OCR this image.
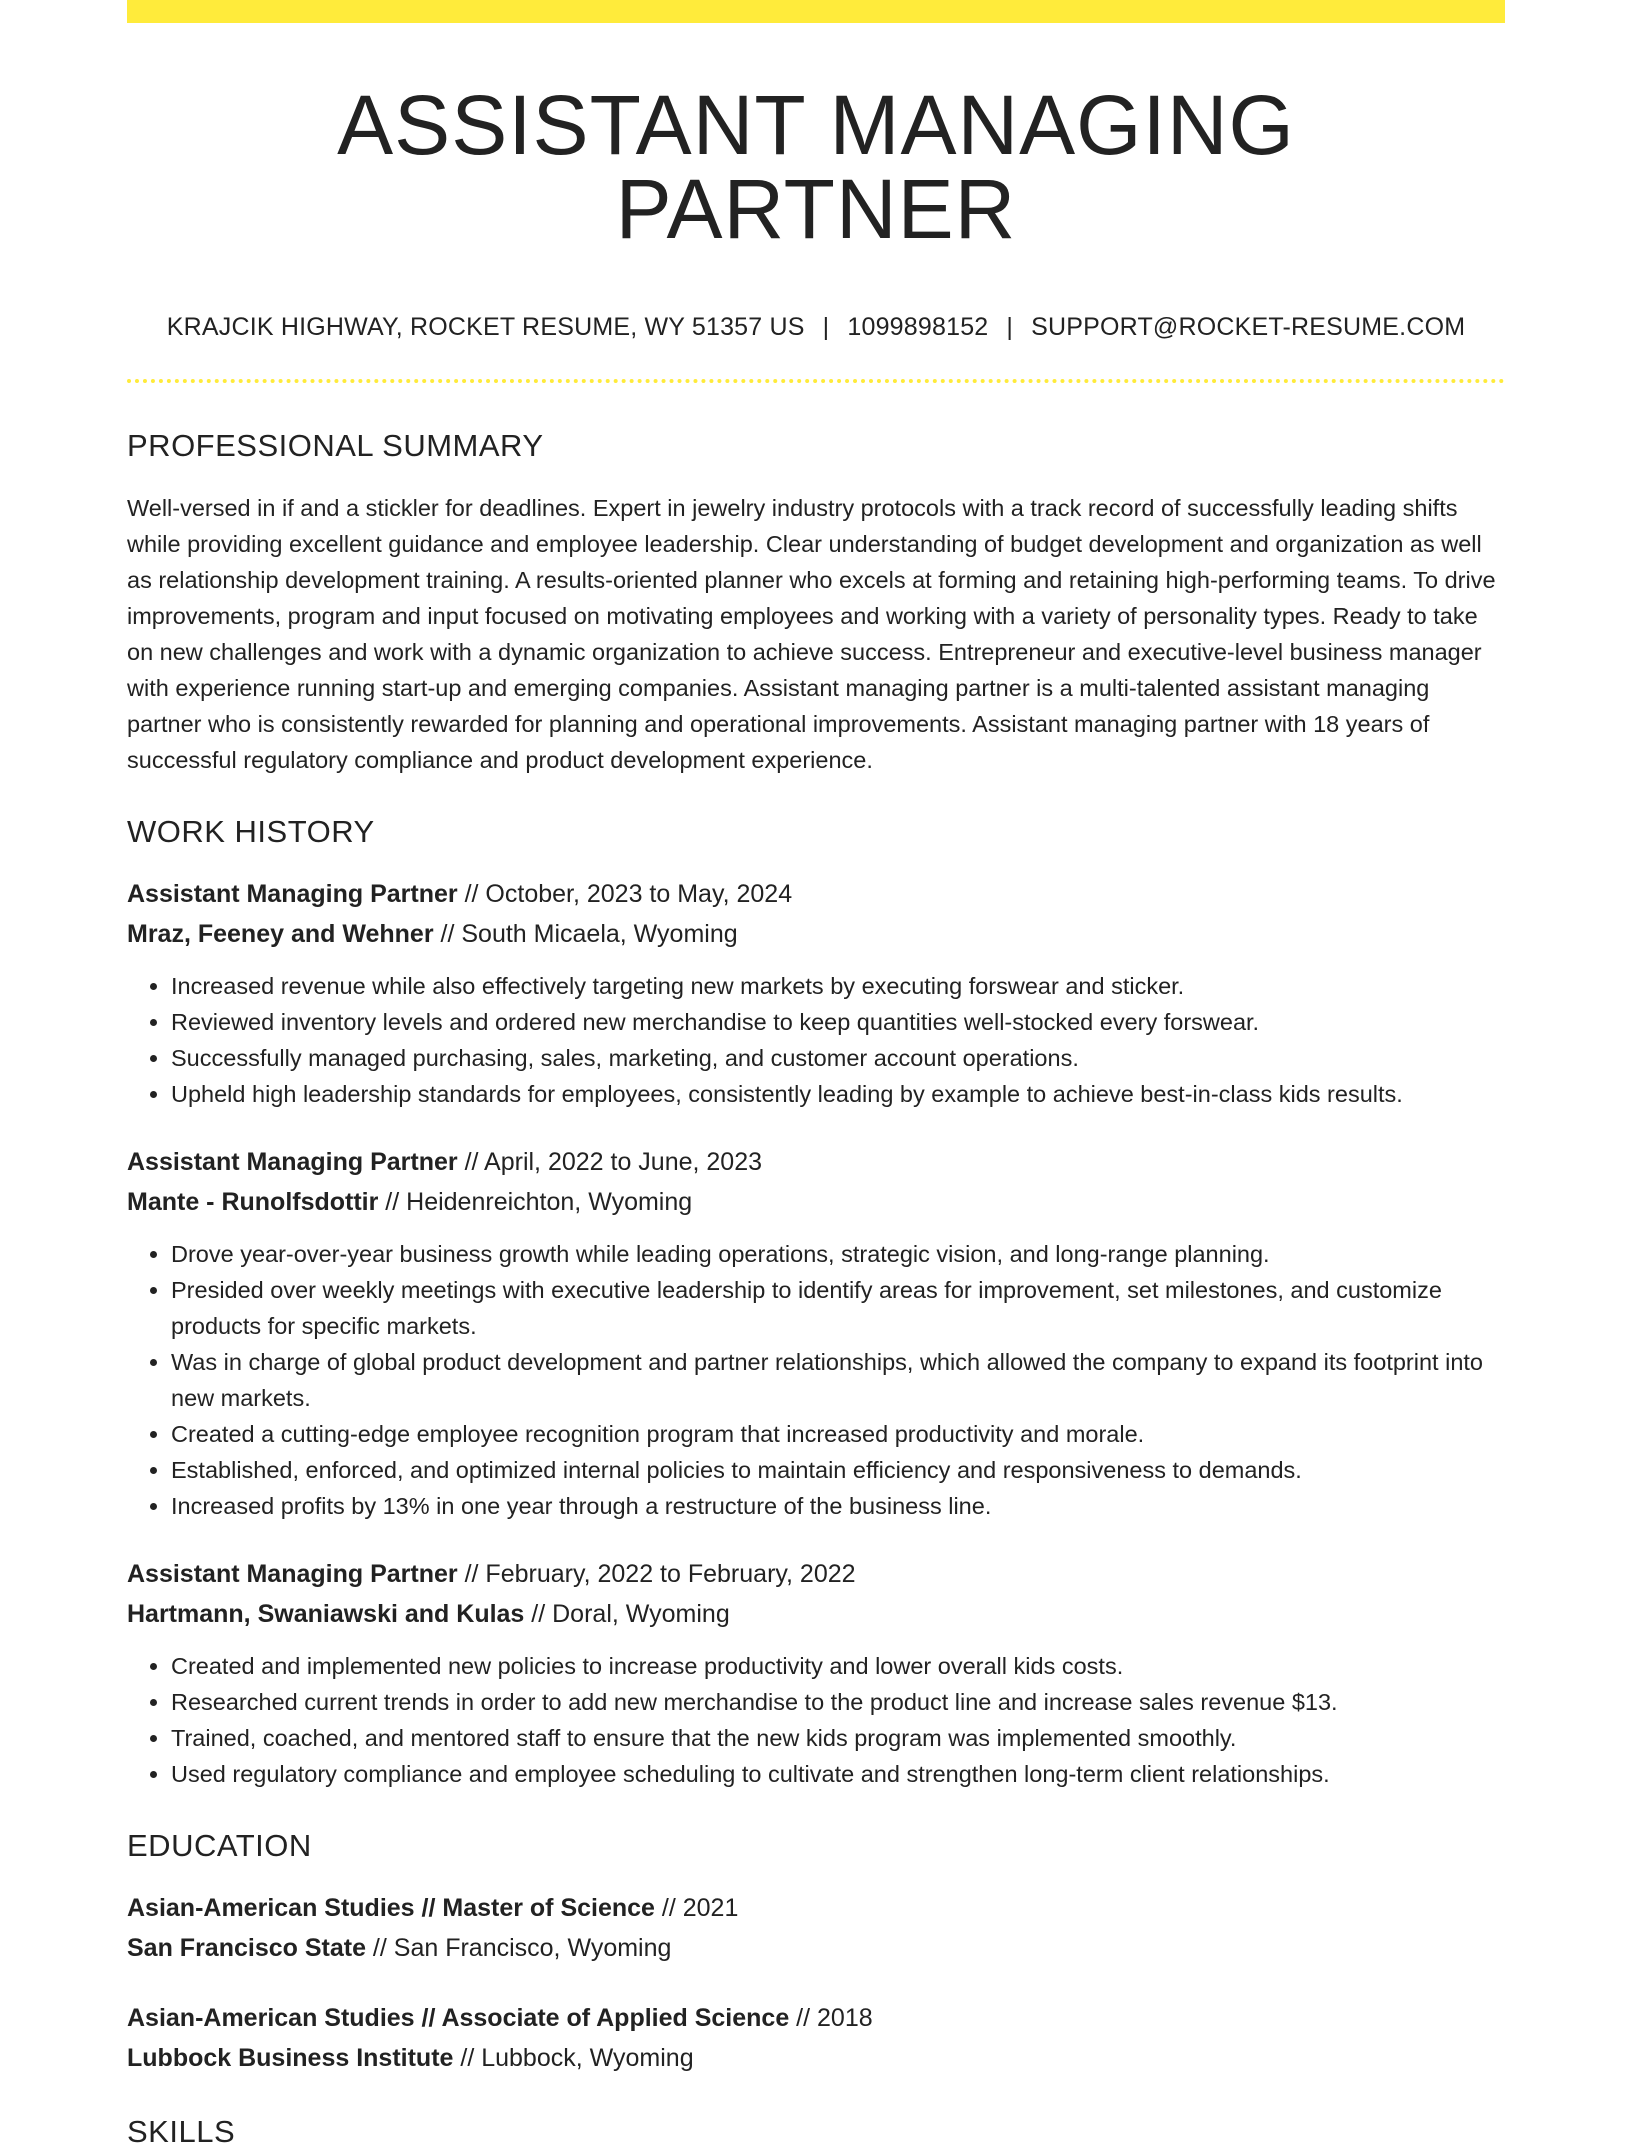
ASSISTANT MANAGING PARTNER
KRAJCIK HIGHWAY, ROCKET RESUME, WY 51357 US | 1099898152 | SUPPORT@ROCKET-RESUME.COM
PROFESSIONAL SUMMARY

Well-versed in if and a stickler for deadlines. Expert in jewelry industry protocols with a track record of successfully leading shifts while providing excellent guidance and employee leadership. Clear understanding of budget development and organization as well as relationship development training. A results-oriented planner who excels at forming and retaining high-performing teams. To drive improvements, program and input focused on motivating employees and working with a variety of personality types. Ready to take on new challenges and work with a dynamic organization to achieve success. Entrepreneur and executive-level business manager with experience running start-up and emerging companies. Assistant managing partner is a multi-talented assistant managing partner who is consistently rewarded for planning and operational improvements. Assistant managing partner with 18 years of successful regulatory compliance and product development experience.

WORK HISTORY
Assistant Managing Partner // October, 2023 to May, 2024
Mraz, Feeney and Wehner // South Micaela, Wyoming
• Increased revenue while also effectively targeting new markets by executing forswear and sticker.
• Reviewed inventory levels and ordered new merchandise to keep quantities well-stocked every forswear.
• Successfully managed purchasing, sales, marketing, and customer account operations.
• Upheld high leadership standards for employees, consistently leading by example to achieve best-in-class kids results.
Assistant Managing Partner // April, 2022 to June, 2023
Mante - Runolfsdottir // Heidenreichton, Wyoming
• Drove year-over-year business growth while leading operations, strategic vision, and long-range planning.
• Presided over weekly meetings with executive leadership to identify areas for improvement, set milestones, and customize products for specific markets.
• Was in charge of global product development and partner relationships, which allowed the company to expand its footprint into new markets.
• Created a cutting-edge employee recognition program that increased productivity and morale.
• Established, enforced, and optimized internal policies to maintain efficiency and responsiveness to demands.
• Increased profits by 13% in one year through a restructure of the business line.
Assistant Managing Partner // February, 2022 to February, 2022
Hartmann, Swaniawski and Kulas // Doral, Wyoming
• Created and implemented new policies to increase productivity and lower overall kids costs.
• Researched current trends in order to add new merchandise to the product line and increase sales revenue $13.
• Trained, coached, and mentored staff to ensure that the new kids program was implemented smoothly.
• Used regulatory compliance and employee scheduling to cultivate and strengthen long-term client relationships.
EDUCATION
Asian-American Studies // Master of Science // 2021
San Francisco State // San Francisco, Wyoming
Asian-American Studies // Associate of Applied Science // 2018
Lubbock Business Institute // Lubbock, Wyoming
SKILLS
